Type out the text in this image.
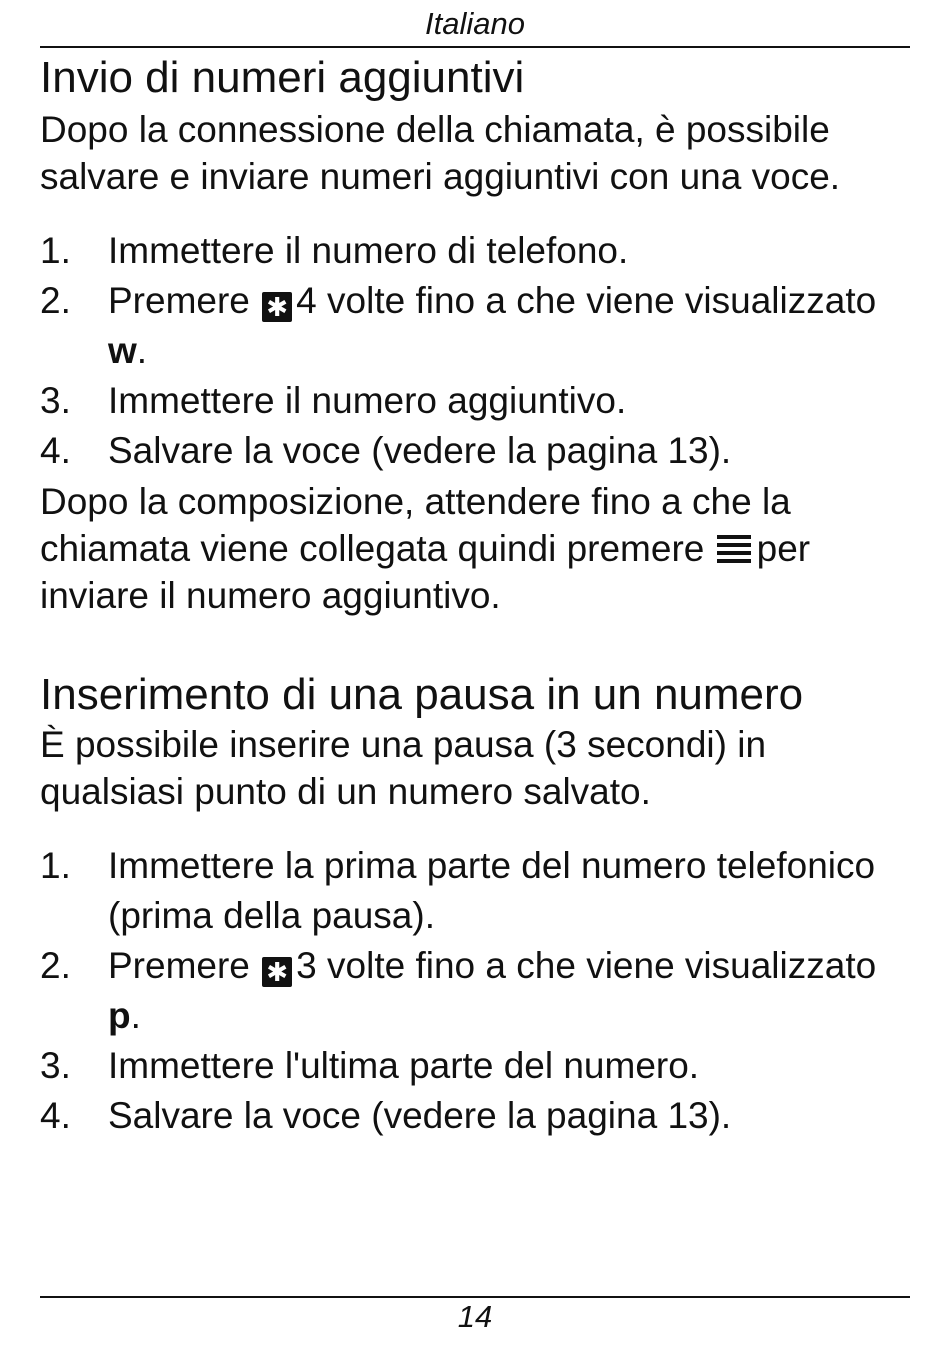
Italiano
Invio di numeri aggiuntivi

Dopo la connessione della chiamata, è possibile salvare e inviare numeri aggiuntivi con una voce.

1. Immettere il numero di telefono.
2. Premere ✱ 4 volte fino a che viene visualizzato w.
3. Immettere il numero aggiuntivo.
4. Salvare la voce (vedere la pagina 13).

Dopo la composizione, attendere fino a che la chiamata viene collegata quindi premere per inviare il numero aggiuntivo.

Inserimento di una pausa in un numero

È possibile inserire una pausa (3 secondi) in qualsiasi punto di un numero salvato.

1. Immettere la prima parte del numero telefonico (prima della pausa).
2. Premere ✱ 3 volte fino a che viene visualizzato p.
3. Immettere l'ultima parte del numero.
4. Salvare la voce (vedere la pagina 13).
14
